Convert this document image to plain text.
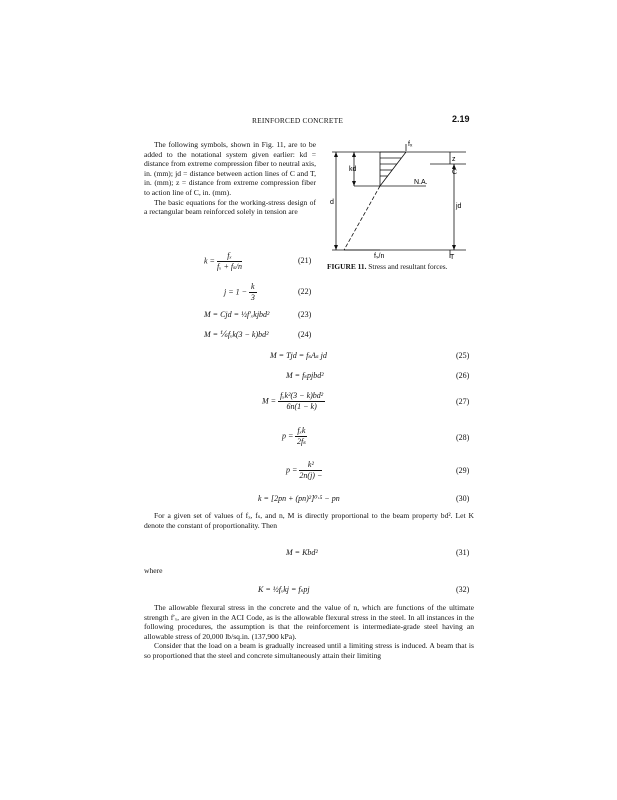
REINFORCED CONCRETE	2.19

The following symbols, shown in Fig. 11, are to be added to the notational system given earlier: kd = distance from extreme compression fiber to neutral axis, in. (mm); jd = distance between action lines of C and T, in. (mm); z = distance from extreme compression fiber to action line of C, in. (mm).

The basic equations for the working-stress design of a rectangular beam reinforced solely in tension are

$k = \frac{\text{fₓ}}{\text{fₓ + fₛ/n}}$	(21)
$j = 1 - \frac{k}{3}$	(22)
M = Cjd = ½f′ₓkjbd²	(23)
M = ⅙fₓk(3 − k)bd²	(24)
fₓ
z
kd	C
N.A.
d
jd
fₛ/n	T
FIGURE 11. Stress and resultant forces.
M = Tjd = fₛAₛ jd	(25)
M = fₛpjbd²	(26)
$M = \frac{\text{fₓk²(3 − k)bd²}}{6n(1 - k)}$	(27)
$p = \frac{\text{fₓk}}{\text{2fₛ}}$	(28)
$p = \frac{\text{k²}}{2n(j) -}$	(29)
k = [2pn + (pn)²]⁰·⁵ − pn	(30)

For a given set of values of fₓ, fₛ, and n, M is directly proportional to the beam property bd². Let K denote the constant of proportionality. Then

M = Kbd²	(31)
where
K = ½fₓkj = fₛpj	(32)

The allowable flexural stress in the concrete and the value of n, which are functions of the ultimate strength f′ₓ, are given in the ACI Code, as is the allowable flexural stress in the steel. In all instances in the following procedures, the assumption is that the reinforcement is intermediate-grade steel having an allowable stress of 20,000 lb/sq.in. (137,900 kPa).

Consider that the load on a beam is gradually increased until a limiting stress is induced. A beam that is so proportioned that the steel and concrete simultaneously attain their limiting
